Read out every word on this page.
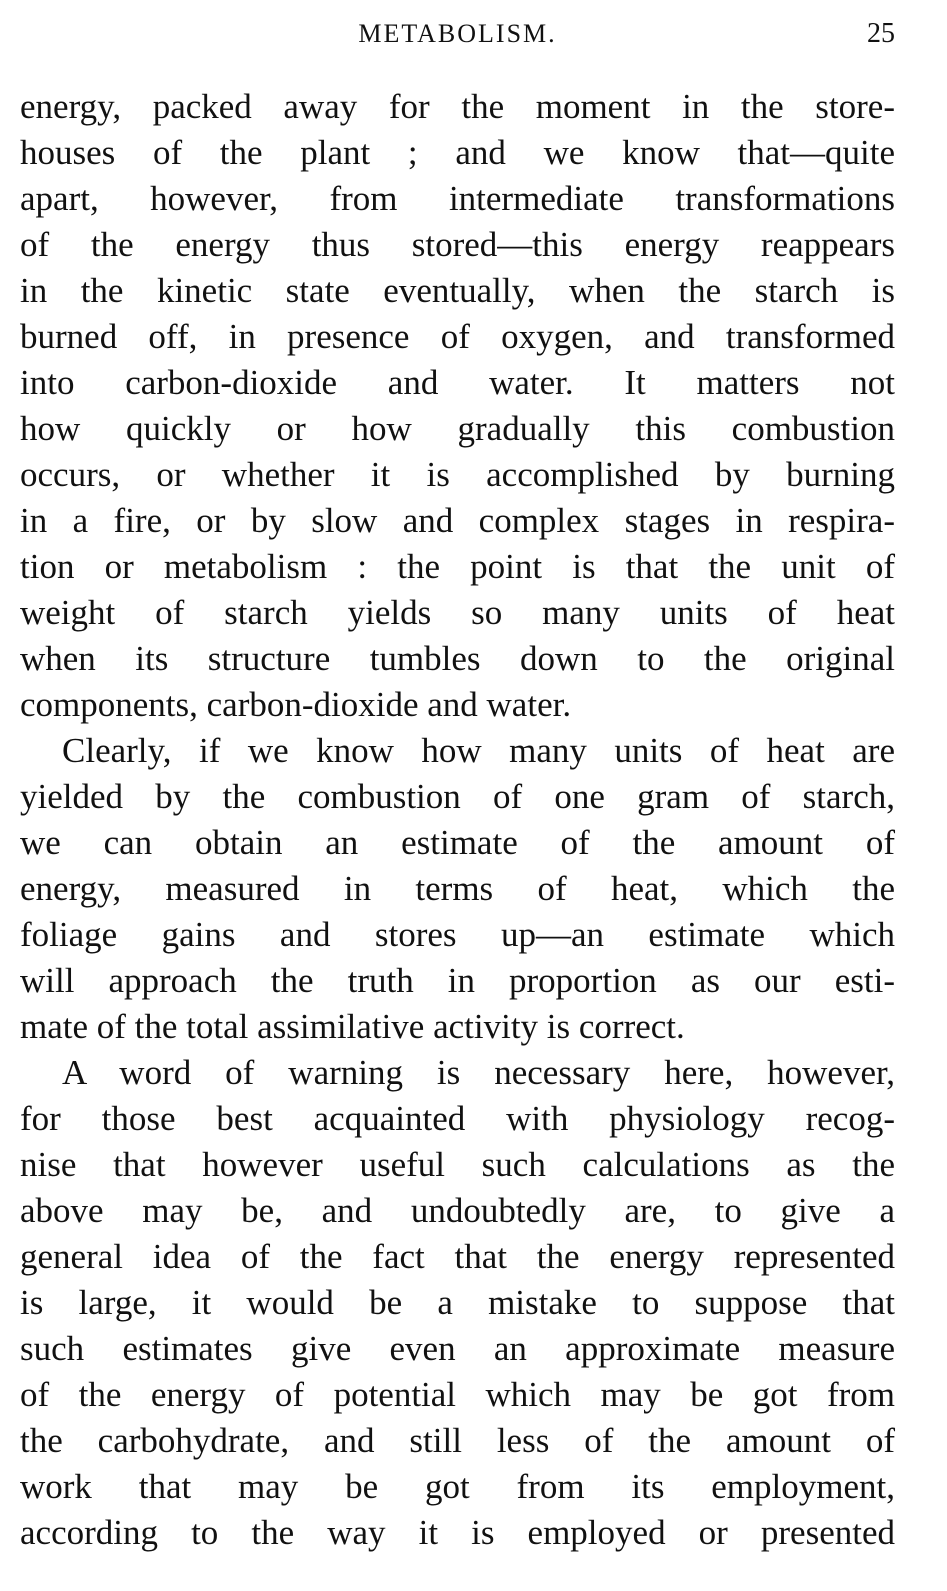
METABOLISM.	25
energy, packed away for the moment in the store-
houses of the plant ; and we know that—quite
apart, however, from intermediate transformations
of the energy thus stored—this energy reappears
in the kinetic state eventually, when the starch is
burned off, in presence of oxygen, and transformed
into carbon-dioxide and water. It matters not
how quickly or how gradually this combustion
occurs, or whether it is accomplished by burning
in a fire, or by slow and complex stages in respira-
tion or metabolism : the point is that the unit of
weight of starch yields so many units of heat
when its structure tumbles down to the original
components, carbon-dioxide and water.
Clearly, if we know how many units of heat are
yielded by the combustion of one gram of starch,
we can obtain an estimate of the amount of
energy, measured in terms of heat, which the
foliage gains and stores up—an estimate which
will approach the truth in proportion as our esti-
mate of the total assimilative activity is correct.
A word of warning is necessary here, however,
for those best acquainted with physiology recog-
nise that however useful such calculations as the
above may be, and undoubtedly are, to give a
general idea of the fact that the energy represented
is large, it would be a mistake to suppose that
such estimates give even an approximate measure
of the energy of potential which may be got from
the carbohydrate, and still less of the amount of
work that may be got from its employment,
according to the way it is employed or presented
